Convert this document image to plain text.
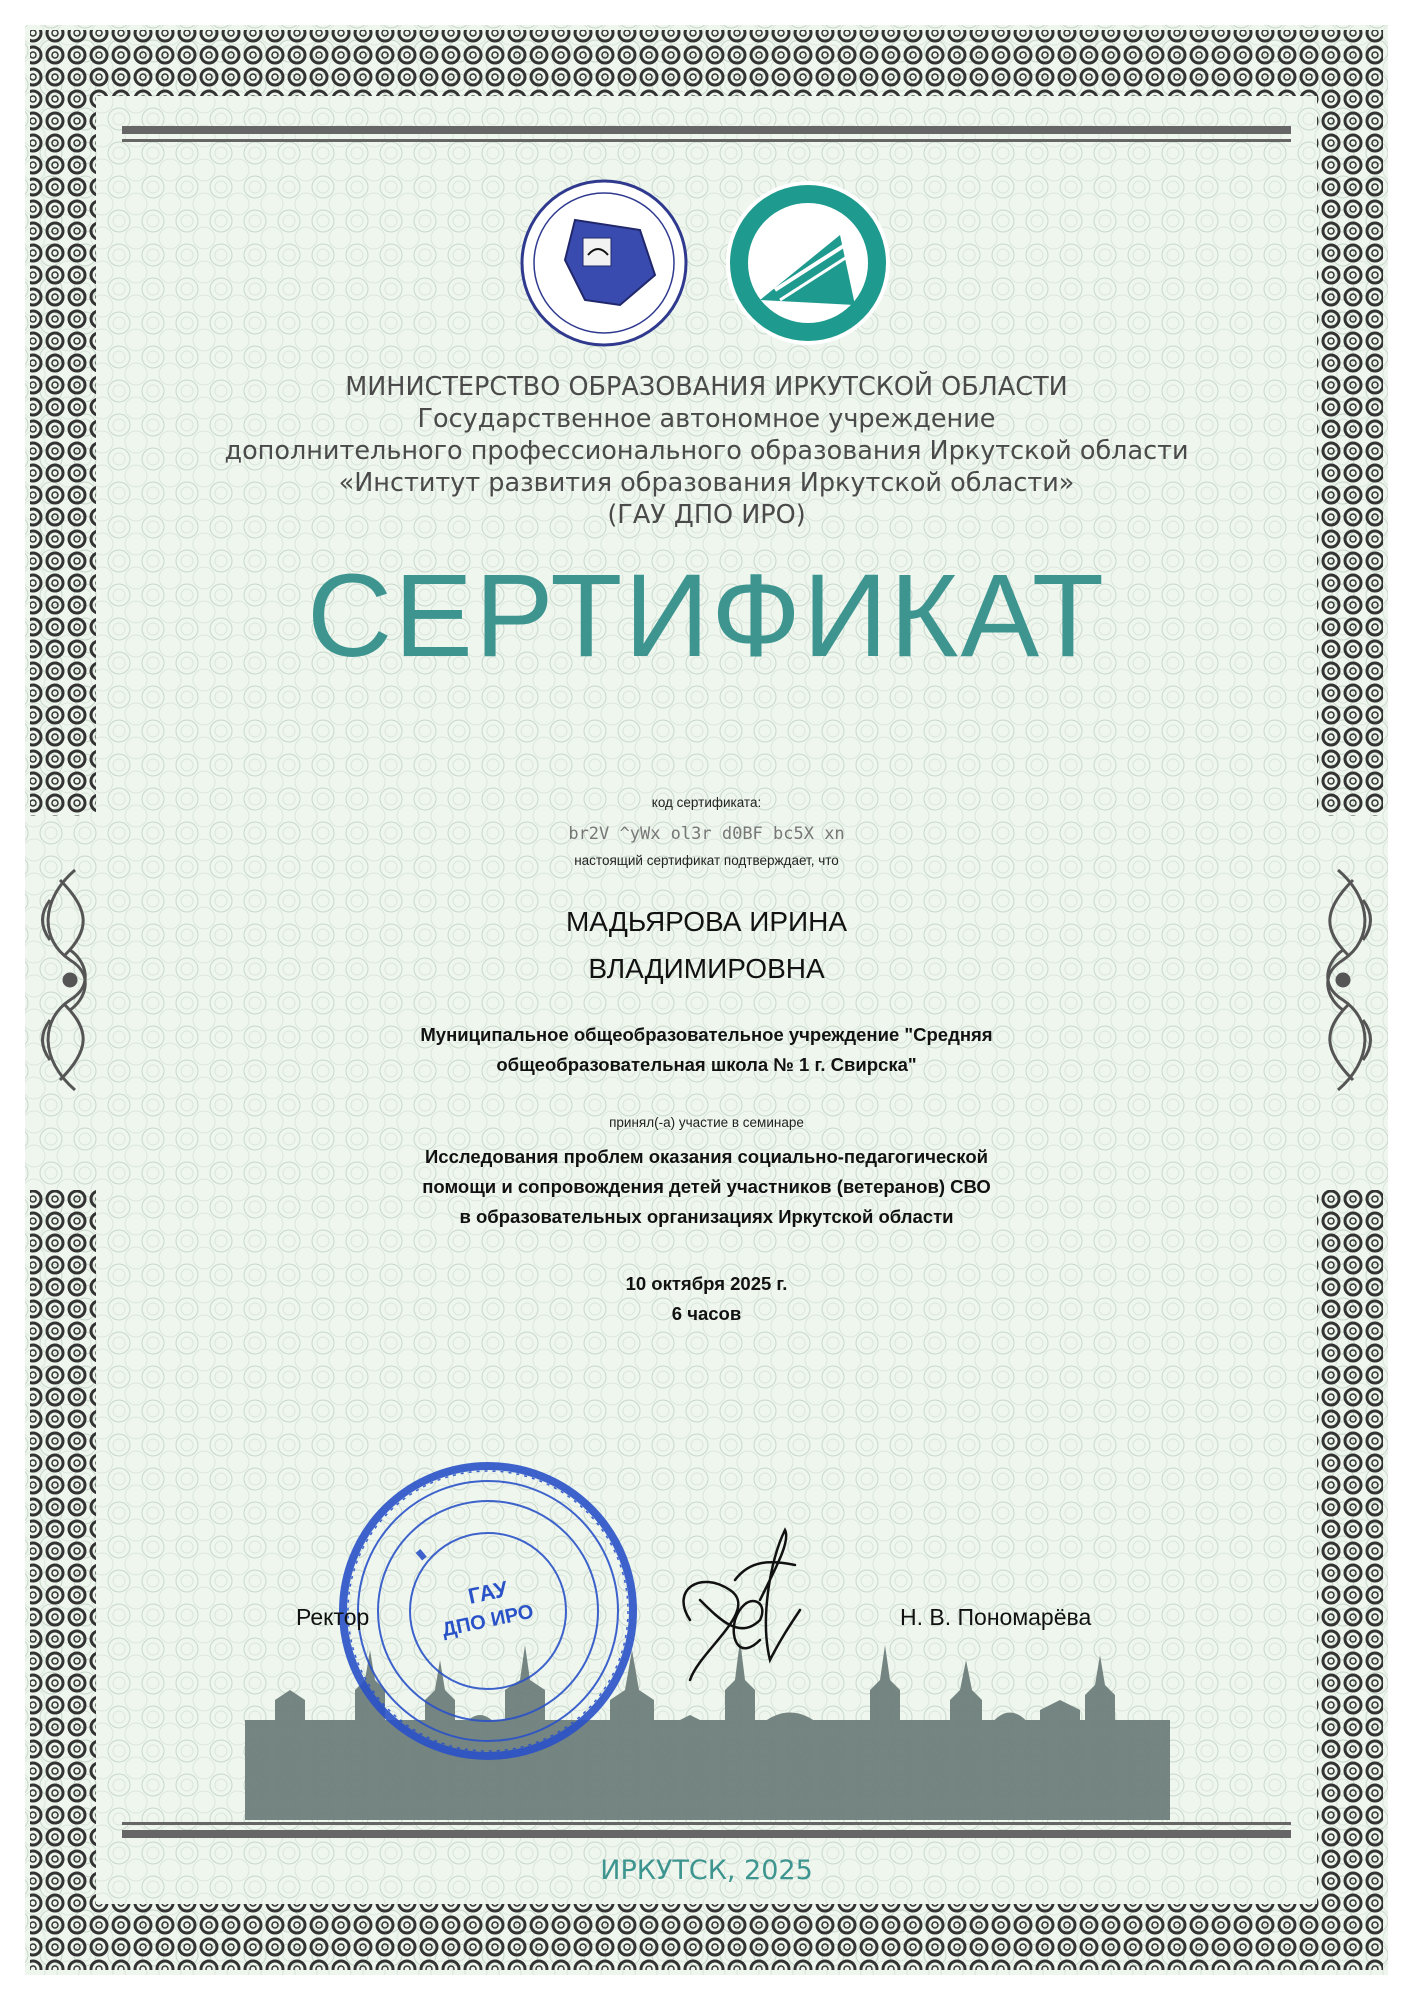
МИНИСТЕРСТВО ОБРАЗОВАНИЯ ИРКУТСКОЙ ОБЛАСТИ
Государственное автономное учреждение
дополнительного профессионального образования Иркутской области
«Институт развития образования Иркутской области»
(ГАУ ДПО ИРО)
СЕРТИФИКАТ
код сертификата:
br2V ^yWx ol3r d0BF bc5X xn
настоящий сертификат подтверждает, что
МАДЬЯРОВА ИРИНА
ВЛАДИМИРОВНА
Муниципальное общеобразовательное учреждение "Средняя
общеобразовательная школа № 1 г. Свирска"
принял(-а) участие в семинаре
Исследования проблем оказания социально-педагогической
помощи и сопровождения детей участников (ветеранов) СВО
в образовательных организациях Иркутской области
10 октября 2025 г.
6 часов
ГАУ
ДПО ИРО
Ректор	Н. В. Пономарёва
ИРКУТСК, 2025
